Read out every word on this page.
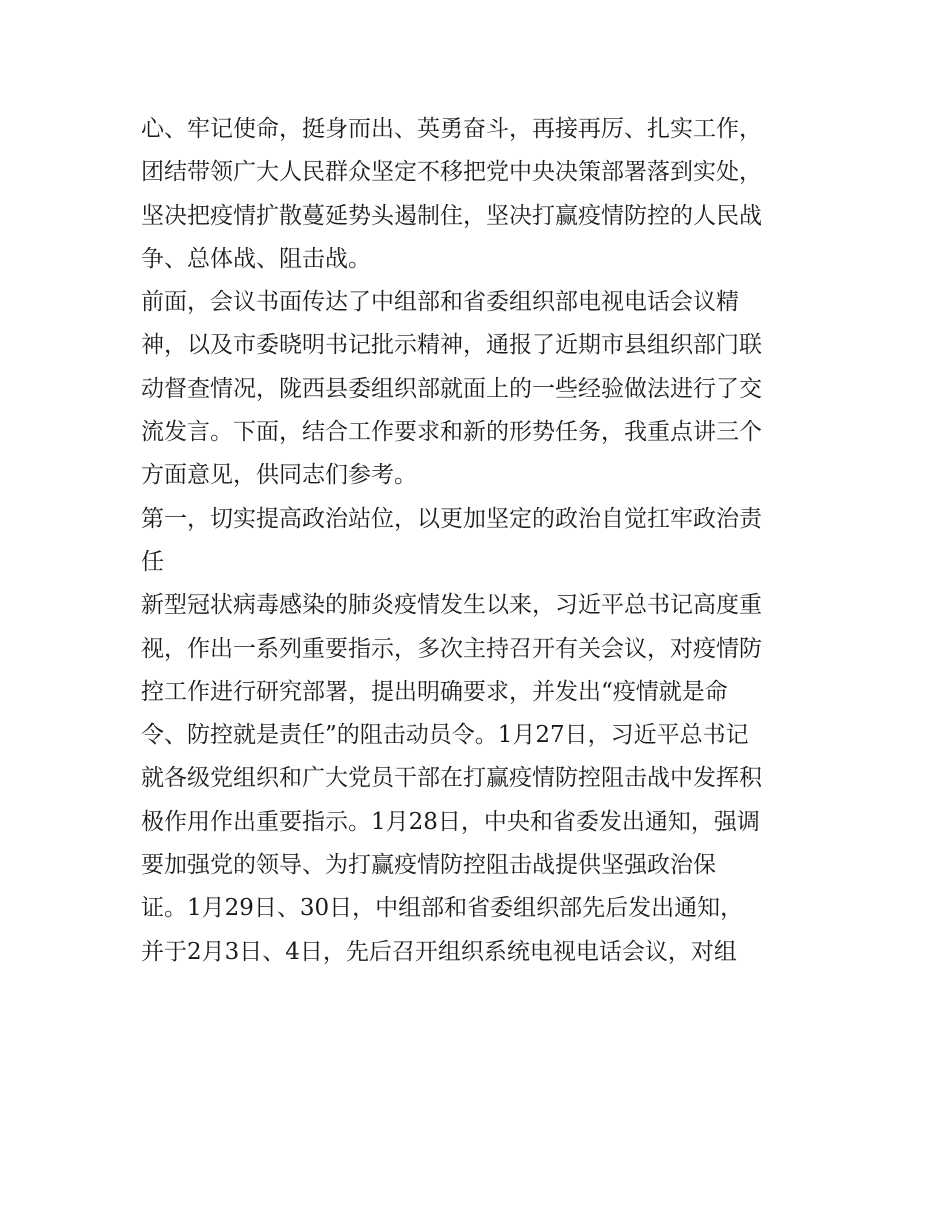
心、牢记使命，挺身而出、英勇奋斗，再接再厉、扎实工作，
团结带领广大人民群众坚定不移把党中央决策部署落到实处，
坚决把疫情扩散蔓延势头遏制住，坚决打赢疫情防控的人民战
争、总体战、阻击战。
前面，会议书面传达了中组部和省委组织部电视电话会议精
神，以及市委晓明书记批示精神，通报了近期市县组织部门联
动督查情况，陇西县委组织部就面上的一些经验做法进行了交
流发言。下面，结合工作要求和新的形势任务，我重点讲三个
方面意见，供同志们参考。
第一，切实提高政治站位，以更加坚定的政治自觉扛牢政治责
任
新型冠状病毒感染的肺炎疫情发生以来，习近平总书记高度重
视，作出一系列重要指示，多次主持召开有关会议，对疫情防
控工作进行研究部署，提出明确要求，并发出“疫情就是命
令、防控就是责任”的阻击动员令。1月27日，习近平总书记
就各级党组织和广大党员干部在打赢疫情防控阻击战中发挥积
极作用作出重要指示。1月28日，中央和省委发出通知，强调
要加强党的领导、为打赢疫情防控阻击战提供坚强政治保
证。1月29日、30日，中组部和省委组织部先后发出通知，
并于2月3日、4日，先后召开组织系统电视电话会议，对组
